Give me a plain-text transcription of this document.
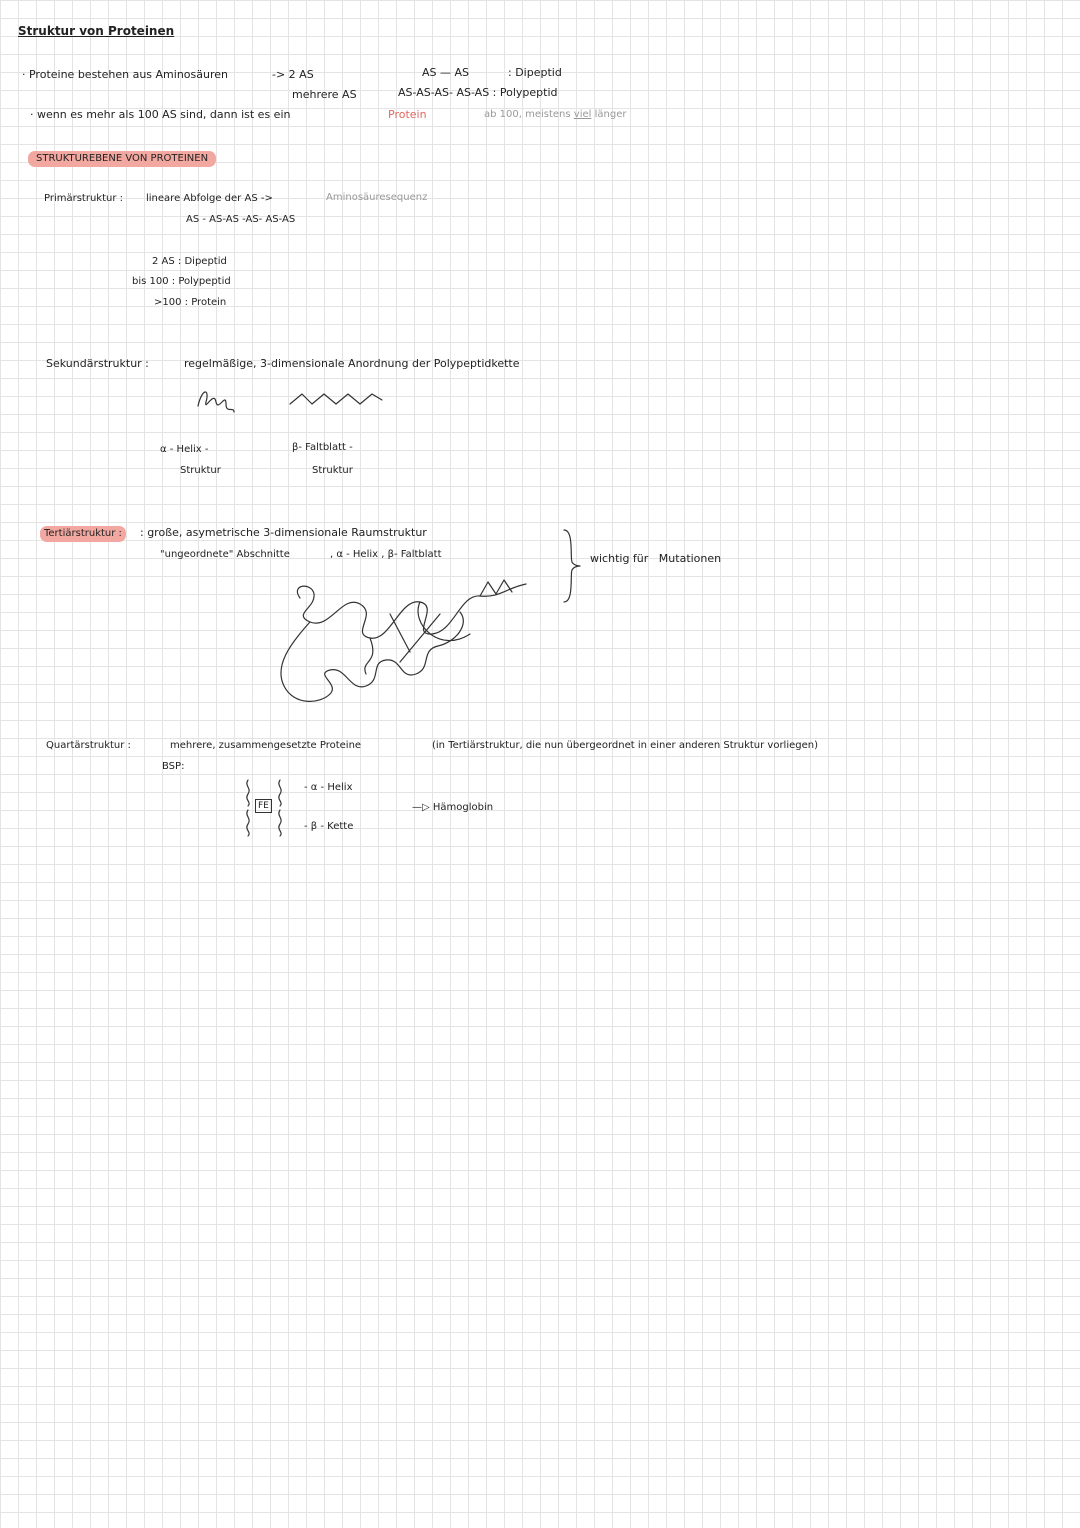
Struktur von Proteinen
· Proteine bestehen aus Aminosäuren	-> 2 AS	AS — AS	: Dipeptid
mehrere AS	AS-AS-AS- AS-AS : Polypeptid
· wenn es mehr als 100 AS sind, dann ist es ein	Protein	ab 100, meistens viel länger
STRUKTUREBENE VON PROTEINEN
Primärstruktur : lineare Abfolge der AS ->	Aminosäuresequenz
AS - AS-AS -AS- AS-AS
2 AS : Dipeptid
bis 100 : Polypeptid
>100 : Protein
Sekundärstruktur :	regelmäßige, 3-dimensionale Anordnung der Polypeptidkette
α - Helix -
Struktur
β- Faltblatt -
Struktur
Tertiärstruktur :	: große, asymetrische 3-dimensionale Raumstruktur
"ungeordnete" Abschnitte	, α - Helix , β- Faltblatt	wichtig für Mutationen
Quartärstruktur :	mehrere, zusammengesetzte Proteine	(in Tertiärstruktur, die nun übergeordnet in einer anderen Struktur vorliegen)
BSP:
FE
- α - Helix
- β - Kette
—▷ Hämoglobin
